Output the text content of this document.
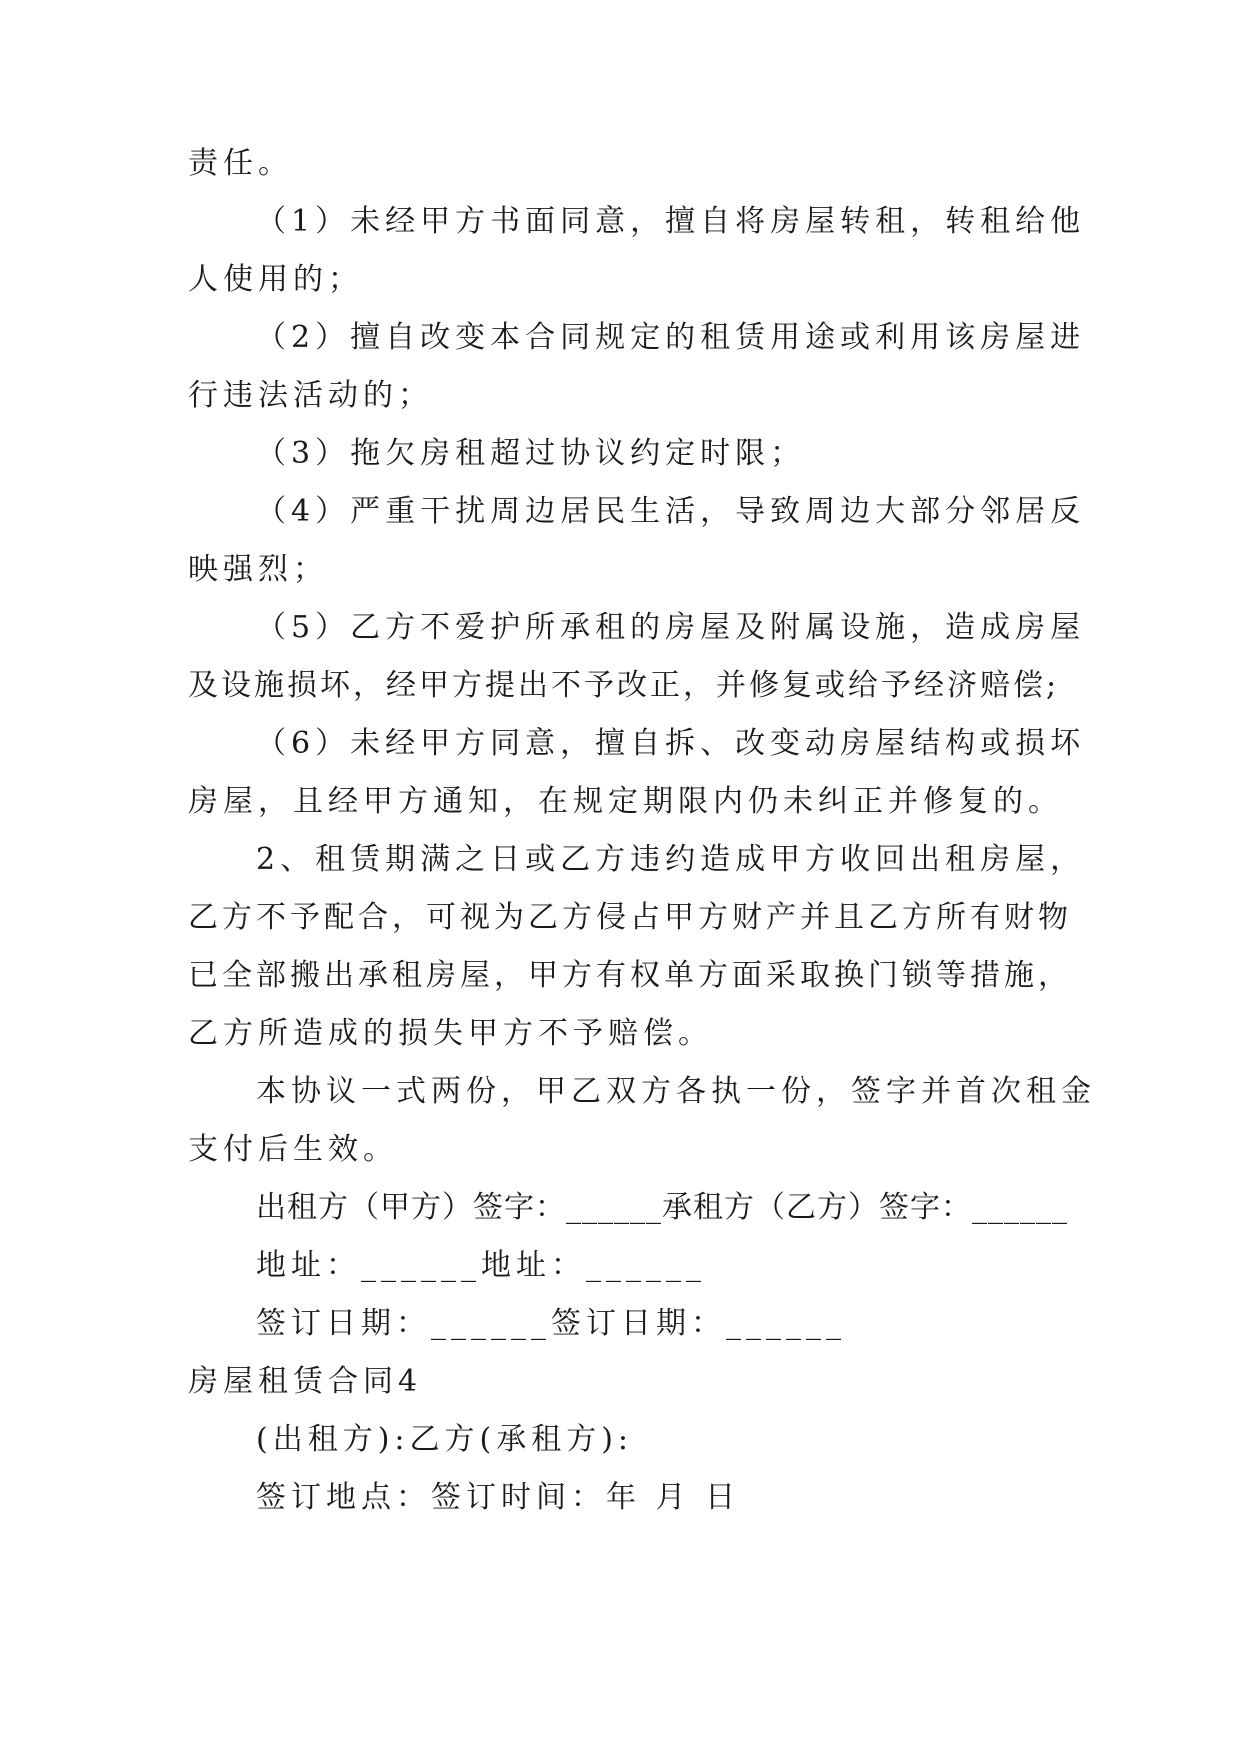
责任。
（1）未经甲方书面同意，擅自将房屋转租，转租给他
人使用的；
（2）擅自改变本合同规定的租赁用途或利用该房屋进
行违法活动的；
（3）拖欠房租超过协议约定时限；
（4）严重干扰周边居民生活，导致周边大部分邻居反
映强烈；
（5）乙方不爱护所承租的房屋及附属设施，造成房屋
及设施损坏，经甲方提出不予改正，并修复或给予经济赔偿;
（6）未经甲方同意，擅自拆、改变动房屋结构或损坏
房屋，且经甲方通知，在规定期限内仍未纠正并修复的。
2、租赁期满之日或乙方违约造成甲方收回出租房屋，
乙方不予配合，可视为乙方侵占甲方财产并且乙方所有财物
已全部搬出承租房屋，甲方有权单方面采取换门锁等措施，
乙方所造成的损失甲方不予赔偿。
本协议一式两份，甲乙双方各执一份，签字并首次租金
支付后生效。
出租方（甲方）签字：______承租方（乙方）签字：______
地址：______地址：______
签订日期：______签订日期：______
房屋租赁合同4
(出租方):乙方(承租方):
签订地点：签订时间：年 月 日
